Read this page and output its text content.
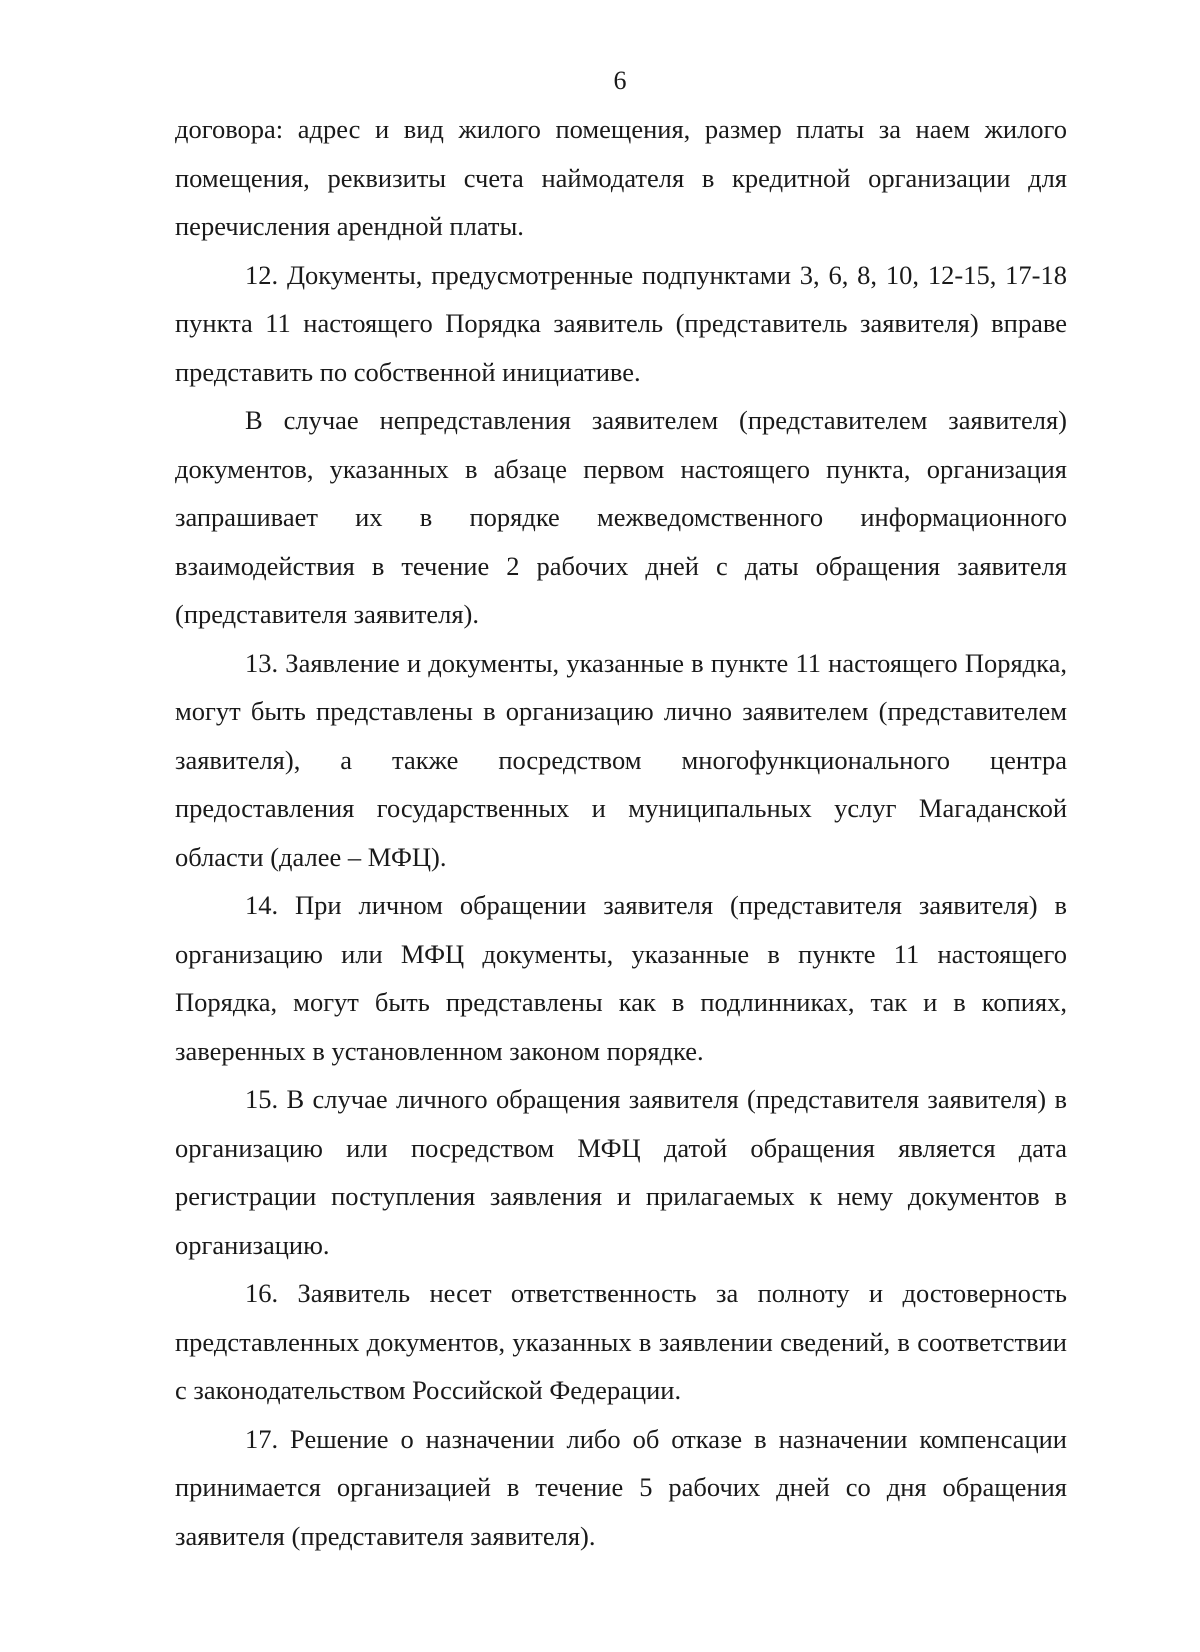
6

договора: адрес и вид жилого помещения, размер платы за наем жилого помещения, реквизиты счета наймодателя в кредитной организации для перечисления арендной платы.

12. Документы, предусмотренные подпунктами 3, 6, 8, 10, 12-15, 17-18 пункта 11 настоящего Порядка заявитель (представитель заявителя) вправе представить по собственной инициативе.

В случае непредставления заявителем (представителем заявителя) документов, указанных в абзаце первом настоящего пункта, организация запрашивает их в порядке межведомственного информационного взаимодействия в течение 2 рабочих дней с даты обращения заявителя (представителя заявителя).

13. Заявление и документы, указанные в пункте 11 настоящего Порядка, могут быть представлены в организацию лично заявителем (представителем заявителя), а также посредством многофункционального центра предоставления государственных и муниципальных услуг Магаданской области (далее – МФЦ).

14. При личном обращении заявителя (представителя заявителя) в организацию или МФЦ документы, указанные в пункте 11 настоящего Порядка, могут быть представлены как в подлинниках, так и в копиях, заверенных в установленном законом порядке.

15. В случае личного обращения заявителя (представителя заявителя) в организацию или посредством МФЦ датой обращения является дата регистрации поступления заявления и прилагаемых к нему документов в организацию.

16. Заявитель несет ответственность за полноту и достоверность представленных документов, указанных в заявлении сведений, в соответствии с законодательством Российской Федерации.

17. Решение о назначении либо об отказе в назначении компенсации принимается организацией в течение 5 рабочих дней со дня обращения заявителя (представителя заявителя).
